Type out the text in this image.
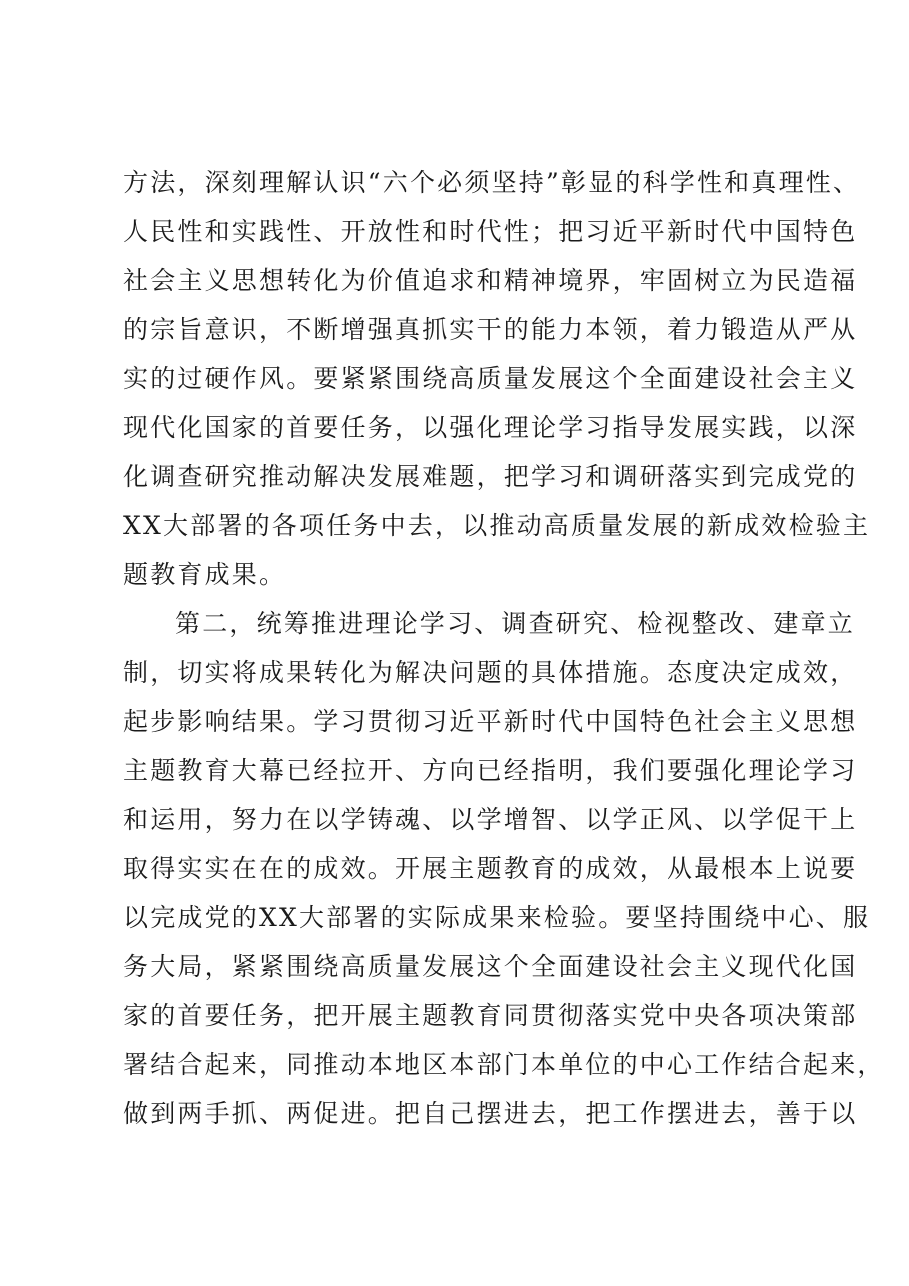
方法，深刻理解认识“六个必须坚持”彰显的科学性和真理性、
人民性和实践性、开放性和时代性；把习近平新时代中国特色
社会主义思想转化为价值追求和精神境界，牢固树立为民造福
的宗旨意识，不断增强真抓实干的能力本领，着力锻造从严从
实的过硬作风。要紧紧围绕高质量发展这个全面建设社会主义
现代化国家的首要任务，以强化理论学习指导发展实践，以深
化调查研究推动解决发展难题，把学习和调研落实到完成党的
XX大部署的各项任务中去，以推动高质量发展的新成效检验主
题教育成果。
第二，统筹推进理论学习、调查研究、检视整改、建章立
制，切实将成果转化为解决问题的具体措施。态度决定成效，
起步影响结果。学习贯彻习近平新时代中国特色社会主义思想
主题教育大幕已经拉开、方向已经指明，我们要强化理论学习
和运用，努力在以学铸魂、以学增智、以学正风、以学促干上
取得实实在在的成效。开展主题教育的成效，从最根本上说要
以完成党的XX大部署的实际成果来检验。要坚持围绕中心、服
务大局，紧紧围绕高质量发展这个全面建设社会主义现代化国
家的首要任务，把开展主题教育同贯彻落实党中央各项决策部
署结合起来，同推动本地区本部门本单位的中心工作结合起来，
做到两手抓、两促进。把自己摆进去，把工作摆进去，善于以
